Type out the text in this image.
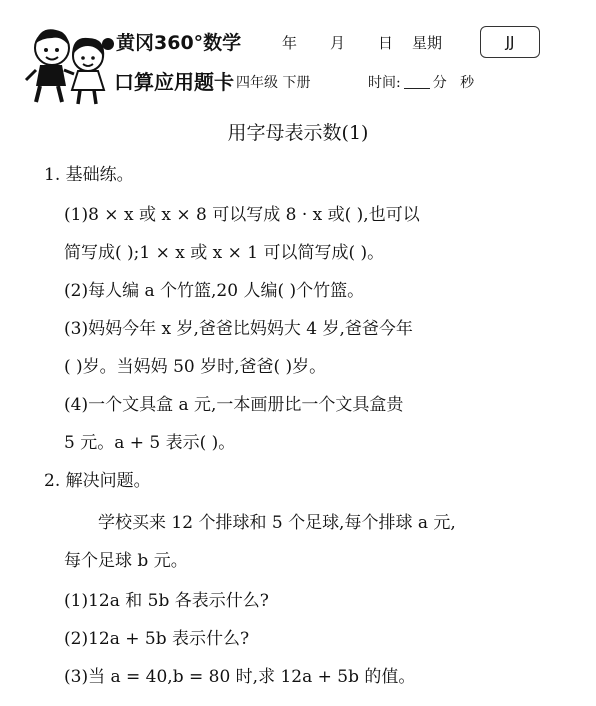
黄冈360°数学
口算应用题卡
年 月 日 星期
四年级 下册	时间: 分 秒
JJ
用字母表示数(1)
1. 基础练。
(1)8 × x 或 x × 8 可以写成 8 · x 或( ),也可以
简写成( );1 × x 或 x × 1 可以简写成( )。
(2)每人编 a 个竹篮,20 人编( )个竹篮。
(3)妈妈今年 x 岁,爸爸比妈妈大 4 岁,爸爸今年
( )岁。当妈妈 50 岁时,爸爸( )岁。
(4)一个文具盒 a 元,一本画册比一个文具盒贵
5 元。a + 5 表示( )。
2. 解决问题。
学校买来 12 个排球和 5 个足球,每个排球 a 元,
每个足球 b 元。
(1)12a 和 5b 各表示什么?
(2)12a + 5b 表示什么?
(3)当 a = 40,b = 80 时,求 12a + 5b 的值。
